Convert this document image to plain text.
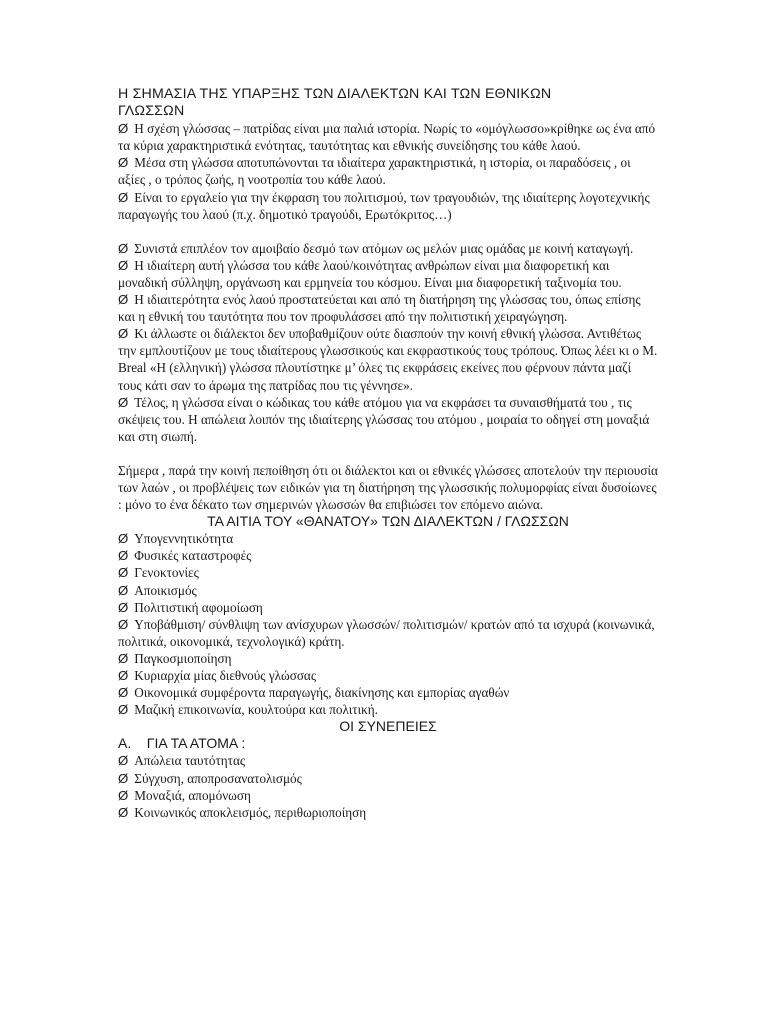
Η ΣΗΜΑΣΙΑ ΤΗΣ ΥΠΑΡΞΗΣ ΤΩΝ ΔΙΑΛΕΚΤΩΝ ΚΑΙ ΤΩΝ ΕΘΝΙΚΩΝ
ΓΛΩΣΣΩΝ

Ø Η σχέση γλώσσας – πατρίδας είναι μια παλιά ιστορία. Νωρίς το «ομόγλωσσο»κρίθηκε ως ένα από τα κύρια χαρακτηριστικά ενότητας, ταυτότητας και εθνικής συνείδησης του κάθε λαού.

Ø Μέσα στη γλώσσα αποτυπώνονται τα ιδιαίτερα χαρακτηριστικά, η ιστορία, οι παραδόσεις , οι αξίες , ο τρόπος ζωής, η νοοτροπία του κάθε λαού.

Ø Είναι το εργαλείο για την έκφραση του πολιτισμού, των τραγουδιών, της ιδιαίτερης λογοτεχνικής παραγωγής του λαού (π.χ. δημοτικό τραγούδι, Ερωτόκριτος…)

Ø Συνιστά επιπλέον τον αμοιβαίο δεσμό των ατόμων ως μελών μιας ομάδας με κοινή καταγωγή.

Ø Η ιδιαίτερη αυτή γλώσσα του κάθε λαού/κοινότητας ανθρώπων είναι μια διαφορετική και μοναδική σύλληψη, οργάνωση και ερμηνεία του κόσμου. Είναι μια διαφορετική ταξινομία του.

Ø Η ιδιαιτερότητα ενός λαού προστατεύεται και από τη διατήρηση της γλώσσας του, όπως επίσης και η εθνική του ταυτότητα που τον προφυλάσσει από την πολιτιστική χειραγώγηση.

Ø Κι άλλωστε οι διάλεκτοι δεν υποβαθμίζουν ούτε διασπούν την κοινή εθνική γλώσσα. Αντιθέτως την εμπλουτίζουν με τους ιδιαίτερους γλωσσικούς και εκφραστικούς τους τρόπους. Όπως λέει κι ο M. Breal «Η (ελληνική) γλώσσα πλουτίστηκε μ’ όλες τις εκφράσεις εκείνες που φέρνουν πάντα μαζί τους κάτι σαν το άρωμα της πατρίδας που τις γέννησε».

Ø Τέλος, η γλώσσα είναι ο κώδικας του κάθε ατόμου για να εκφράσει τα συναισθήματά του , τις σκέψεις του. Η απώλεια λοιπόν της ιδιαίτερης γλώσσας του ατόμου , μοιραία το οδηγεί στη μοναξιά και στη σιωπή.

Σήμερα , παρά την κοινή πεποίθηση ότι οι διάλεκτοι και οι εθνικές γλώσσες αποτελούν την περιουσία των λαών , οι προβλέψεις των ειδικών για τη διατήρηση της γλωσσικής πολυμορφίας είναι δυσοίωνες : μόνο το ένα δέκατο των σημερινών γλωσσών θα επιβιώσει τον επόμενο αιώνα.

ΤΑ ΑΙΤΙΑ ΤΟΥ «ΘΑΝΑΤΟΥ» ΤΩΝ ΔΙΑΛΕΚΤΩΝ / ΓΛΩΣΣΩΝ

Ø Υπογεννητικότητα

Ø Φυσικές καταστροφές

Ø Γενοκτονίες

Ø Αποικισμός

Ø Πολιτιστική αφομοίωση

Ø Υποβάθμιση/ σύνθλιψη των ανίσχυρων γλωσσών/ πολιτισμών/ κρατών από τα ισχυρά (κοινωνικά, πολιτικά, οικονομικά, τεχνολογικά) κράτη.

Ø Παγκοσμιοποίηση

Ø Κυριαρχία μίας διεθνούς γλώσσας

Ø Οικονομικά συμφέροντα παραγωγής, διακίνησης και εμπορίας αγαθών

Ø Μαζική επικοινωνία, κουλτούρα και πολιτική.

ΟΙ ΣΥΝΕΠΕΙΕΣ
Α.    ΓΙΑ ΤΑ ΑΤΟΜΑ :

Ø Απώλεια ταυτότητας

Ø Σύγχυση, αποπροσανατολισμός

Ø Μοναξιά, απομόνωση

Ø Κοινωνικός αποκλεισμός, περιθωριοποίηση
